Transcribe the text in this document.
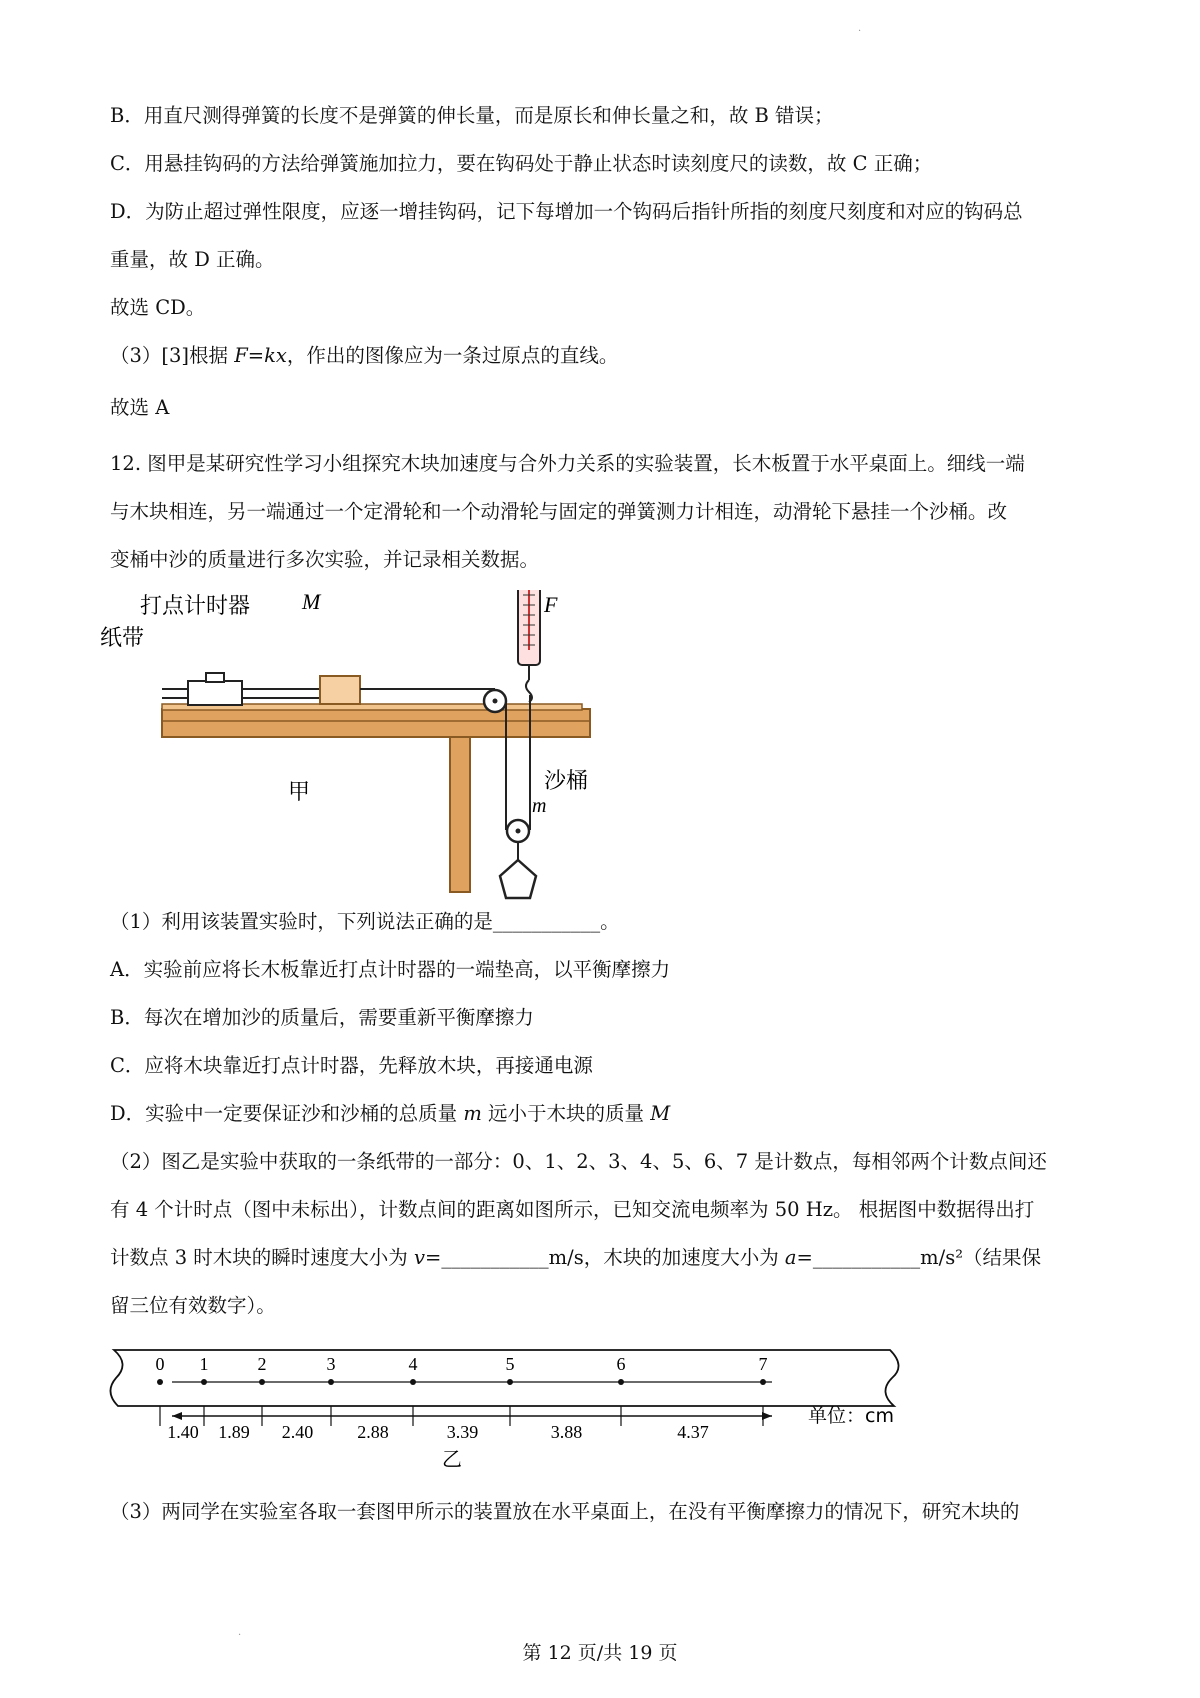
·
·

B．用直尺测得弹簧的长度不是弹簧的伸长量，而是原长和伸长量之和，故 B 错误；

C．用悬挂钩码的方法给弹簧施加拉力，要在钩码处于静止状态时读刻度尺的读数，故 C 正确；

D．为防止超过弹性限度，应逐一增挂钩码，记下每增加一个钩码后指针所指的刻度尺刻度和对应的钩码总
重量，故 D 正确。

故选 CD。

（3）[3]根据 F=kx，作出的图像应为一条过原点的直线。

故选 A

12. 图甲是某研究性学习小组探究木块加速度与合外力关系的实验装置，长木板置于水平桌面上。细线一端
与木块相连，另一端通过一个定滑轮和一个动滑轮与固定的弹簧测力计相连，动滑轮下悬挂一个沙桶。改
变桶中沙的质量进行多次实验，并记录相关数据。
打点计时器
纸带
M	F
沙桶
m
甲

（1）利用该装置实验时，下列说法正确的是___________。

A．实验前应将长木板靠近打点计时器的一端垫高，以平衡摩擦力

B．每次在增加沙的质量后，需要重新平衡摩擦力

C．应将木块靠近打点计时器，先释放木块，再接通电源

D．实验中一定要保证沙和沙桶的总质量 m 远小于木块的质量 M

（2）图乙是实验中获取的一条纸带的一部分：0、1、2、3、4、5、6、7 是计数点，每相邻两个计数点间还
有 4 个计时点（图中未标出），计数点间的距离如图所示，已知交流电频率为 50 Hz。 根据图中数据得出打
计数点 3 时木块的瞬时速度大小为 v=___________m/s，木块的加速度大小为 a=___________m/s²（结果保
留三位有效数字）。
0 1	2	3	4	5	6	7
1.40 1.89 2.40 2.88	3.39	3.88	4.37
单位：cm
乙

（3）两同学在实验室各取一套图甲所示的装置放在水平桌面上，在没有平衡摩擦力的情况下，研究木块的

第 12 页/共 19 页
